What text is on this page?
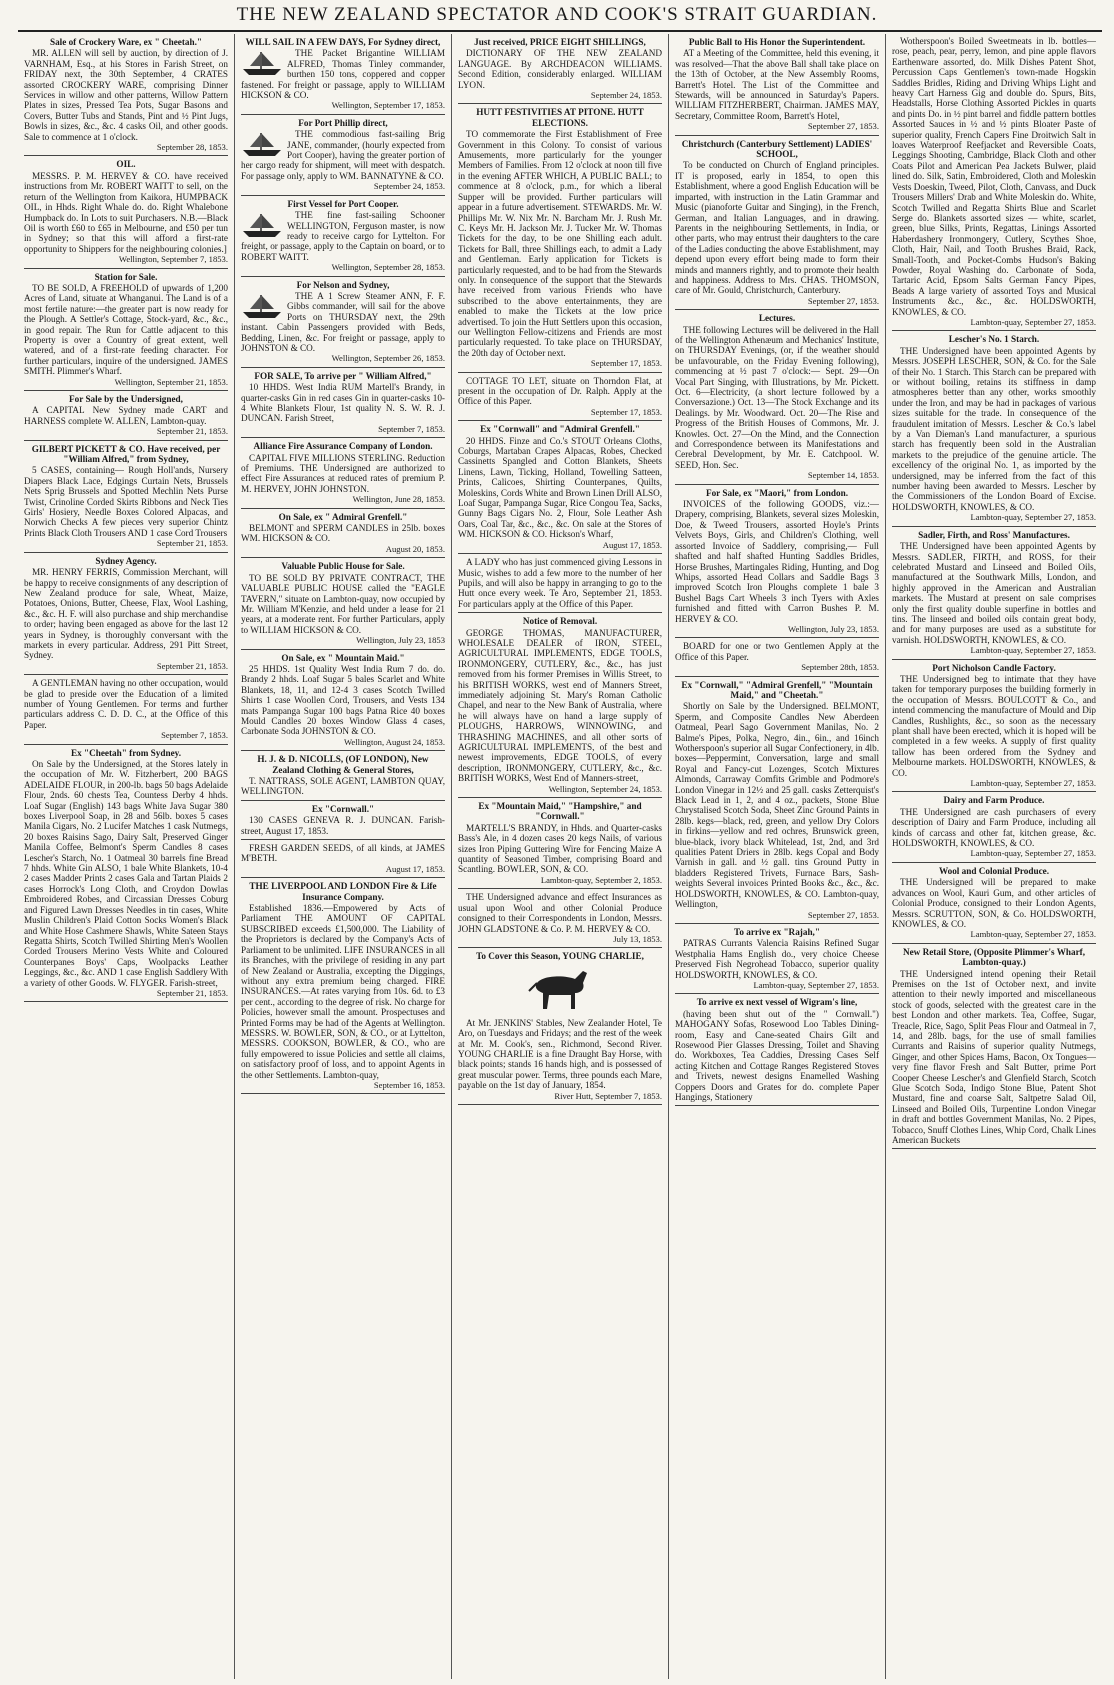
THE NEW ZEALAND SPECTATOR AND COOK'S STRAIT GUARDIAN.
Sale of Crockery Ware, ex " Cheetah."

MR. ALLEN will sell by auction, by direction of J. VARNHAM, Esq., at his Stores in Farish Street, on FRIDAY next, the 30th September, 4 CRATES assorted CROCKERY WARE, comprising Dinner Services in willow and other patterns, Willow Pattern Plates in sizes, Pressed Tea Pots, Sugar Basons and Covers, Butter Tubs and Stands, Pint and ½ Pint Jugs, Bowls in sizes, &c., &c. 4 casks Oil, and other goods. Sale to commence at 1 o'clock.

September 28, 1853.

OIL.

MESSRS. P. M. HERVEY & CO. have received instructions from Mr. ROBERT WAITT to sell, on the return of the Wellington from Kaikora, HUMPBACK OIL, in Hhds. Right Whale do. do. Right Whalebone Humpback do. In Lots to suit Purchasers. N.B.—Black Oil is worth £60 to £65 in Melbourne, and £50 per tun in Sydney; so that this will afford a first-rate opportunity to Shippers for the neighbouring colonies.]

Wellington, September 7, 1853.

Station for Sale.

TO BE SOLD, A FREEHOLD of upwards of 1,200 Acres of Land, situate at Whanganui. The Land is of a most fertile nature:—the greater part is now ready for the Plough. A Settler's Cottage, Stock-yard, &c., &c., in good repair. The Run for Cattle adjacent to this Property is over a Country of great extent, well watered, and of a first-rate feeding character. For further particulars, inquire of the undersigned. JAMES SMITH. Plimmer's Wharf.

Wellington, September 21, 1853.

For Sale by the Undersigned,

A CAPITAL New Sydney made CART and HARNESS complete W. ALLEN, Lambton-quay.

September 21, 1853.

GILBERT PICKETT & CO. Have received, per "William Alfred," from Sydney,

5 CASES, containing— Rough Holl'ands, Nursery Diapers Black Lace, Edgings Curtain Nets, Brussels Nets Sprig Brussels and Spotted Mechlin Nets Purse Twist, Crinoline Corded Skirts Ribbons and Neck Ties Girls' Hosiery, Needle Boxes Colored Alpacas, and Norwich Checks A few pieces very superior Chintz Prints Black Cloth Trousers AND 1 case Cord Trousers

September 21, 1853.

Sydney Agency.

MR. HENRY FERRIS, Commission Merchant, will be happy to receive consignments of any description of New Zealand produce for sale, Wheat, Maize, Potatoes, Onions, Butter, Cheese, Flax, Wool Lashing, &c., &c. H. F. will also purchase and ship merchandise to order; having been engaged as above for the last 12 years in Sydney, is thoroughly conversant with the markets in every particular. Address, 291 Pitt Street, Sydney.

September 21, 1853.

A GENTLEMAN having no other occupation, would be glad to preside over the Education of a limited number of Young Gentlemen. For terms and further particulars address C. D. D. C., at the Office of this Paper.

September 7, 1853.

Ex "Cheetah" from Sydney.

On Sale by the Undersigned, at the Stores lately in the occupation of Mr. W. Fitzherbert, 200 BAGS ADELAIDE FLOUR, in 200-lb. bags 50 bags Adelaide Flour, 2nds. 60 chests Tea, Countess Derby 4 hhds. Loaf Sugar (English) 143 bags White Java Sugar 380 boxes Liverpool Soap, in 28 and 56lb. boxes 5 cases Manila Cigars, No. 2 Lucifer Matches 1 cask Nutmegs, 20 boxes Raisins Sago, Dairy Salt, Preserved Ginger Manila Coffee, Belmont's Sperm Candles 8 cases Lescher's Starch, No. 1 Oatmeal 30 barrels fine Bread 7 hhds. White Gin ALSO, 1 bale White Blankets, 10-4 2 cases Madder Prints 2 cases Gala and Tartan Plaids 2 cases Horrock's Long Cloth, and Croydon Dowlas Embroidered Robes, and Circassian Dresses Coburg and Figured Lawn Dresses Needles in tin cases, White Muslin Children's Plaid Cotton Socks Women's Black and White Hose Cashmere Shawls, White Sateen Stays Regatta Shirts, Scotch Twilled Shirting Men's Woollen Corded Trousers Merino Vests White and Coloured Counterpanes Boys' Caps, Woolpacks Leather Leggings, &c., &c. AND 1 case English Saddlery With a variety of other Goods. W. FLYGER. Farish-street,

September 21, 1853.

WILL SAIL IN A FEW DAYS, For Sydney direct,

THE Packet Brigantine WILLIAM ALFRED, Thomas Tinley commander, burthen 150 tons, coppered and copper fastened. For freight or passage, apply to WILLIAM HICKSON & CO.

Wellington, September 17, 1853.

For Port Phillip direct,

THE commodious fast-sailing Brig JANE, commander, (hourly expected from Port Cooper), having the greater portion of her cargo ready for shipment, will meet with despatch. For passage only, apply to WM. BANNATYNE & CO.

September 24, 1853.

First Vessel for Port Cooper.

THE fine fast-sailing Schooner WELLINGTON, Ferguson master, is now ready to receive cargo for Lyttelton. For freight, or passage, apply to the Captain on board, or to ROBERT WAITT.

Wellington, September 28, 1853.

For Nelson and Sydney,

THE A 1 Screw Steamer ANN, F. F. Gibbs commander, will sail for the above Ports on THURSDAY next, the 29th instant. Cabin Passengers provided with Beds, Bedding, Linen, &c. For freight or passage, apply to JOHNSTON & CO.

Wellington, September 26, 1853.

FOR SALE, To arrive per " William Alfred,"

10 HHDS. West India RUM Martell's Brandy, in quarter-casks Gin in red cases Gin in quarter-casks 10-4 White Blankets Flour, 1st quality N. S. W. R. J. DUNCAN. Farish Street,

September 7, 1853.

Alliance Fire Assurance Company of London.

CAPITAL FIVE MILLIONS STERLING. Reduction of Premiums. THE Undersigned are authorized to effect Fire Assurances at reduced rates of premium P. M. HERVEY, JOHN JOHNSTON.

Wellington, June 28, 1853.

On Sale, ex " Admiral Grenfell."

BELMONT and SPERM CANDLES in 25lb. boxes WM. HICKSON & CO.

August 20, 1853.

Valuable Public House for Sale.

TO BE SOLD BY PRIVATE CONTRACT, THE VALUABLE PUBLIC HOUSE called the "EAGLE TAVERN," situate on Lambton-quay, now occupied by Mr. William M'Kenzie, and held under a lease for 21 years, at a moderate rent. For further Particulars, apply to WILLIAM HICKSON & CO.

Wellington, July 23, 1853

On Sale, ex " Mountain Maid."

25 HHDS. 1st Quality West India Rum 7 do. do. Brandy 2 hhds. Loaf Sugar 5 bales Scarlet and White Blankets, 18, 11, and 12-4 3 cases Scotch Twilled Shirts 1 case Woollen Cord, Trousers, and Vests 134 mats Pampanga Sugar 100 bags Patna Rice 40 boxes Mould Candles 20 boxes Window Glass 4 cases, Carbonate Soda JOHNSTON & CO.

Wellington, August 24, 1853.

H. J. & D. NICOLLS, (OF LONDON), New Zealand Clothing & General Stores,

T. NATTRASS, SOLE AGENT, LAMBTON QUAY, WELLINGTON.

Ex "Cornwall."

130 CASES GENEVA R. J. DUNCAN. Farish-street, August 17, 1853.

FRESH GARDEN SEEDS, of all kinds, at JAMES M'BETH.

August 17, 1853.

THE LIVERPOOL AND LONDON Fire & Life Insurance Company.

Established 1836.—Empowered by Acts of Parliament THE AMOUNT OF CAPITAL SUBSCRIBED exceeds £1,500,000. The Liability of the Proprietors is declared by the Company's Acts of Parliament to be unlimited. LIFE INSURANCES in all its Branches, with the privilege of residing in any part of New Zealand or Australia, excepting the Diggings, without any extra premium being charged. FIRE INSURANCES.—At rates varying from 10s. 6d. to £3 per cent., according to the degree of risk. No charge for Policies, however small the amount. Prospectuses and Printed Forms may be had of the Agents at Wellington. MESSRS. W. BOWLER, SON, & CO., or at Lyttelton, MESSRS. COOKSON, BOWLER, & CO., who are fully empowered to issue Policies and settle all claims, on satisfactory proof of loss, and to appoint Agents in the other Settlements. Lambton-quay,

September 16, 1853.

Just received, PRICE EIGHT SHILLINGS,

DICTIONARY OF THE NEW ZEALAND LANGUAGE. By ARCHDEACON WILLIAMS. Second Edition, considerably enlarged. WILLIAM LYON.

September 24, 1853.

HUTT FESTIVITIES AT PITONE. HUTT ELECTIONS.

TO commemorate the First Establishment of Free Government in this Colony. To consist of various Amusements, more particularly for the younger Members of Families. From 12 o'clock at noon till five in the evening AFTER WHICH, A PUBLIC BALL; to commence at 8 o'clock, p.m., for which a liberal Supper will be provided. Further particulars will appear in a future advertisement. STEWARDS. Mr. W. Phillips Mr. W. Nix Mr. N. Barcham Mr. J. Rush Mr. C. Keys Mr. H. Jackson Mr. J. Tucker Mr. W. Thomas Tickets for the day, to be one Shilling each adult. Tickets for Ball, three Shillings each, to admit a Lady and Gentleman. Early application for Tickets is particularly requested, and to be had from the Stewards only. In consequence of the support that the Stewards have received from various Friends who have subscribed to the above entertainments, they are enabled to make the Tickets at the low price advertised. To join the Hutt Settlers upon this occasion, our Wellington Fellow-citizens and Friends are most particularly requested. To take place on THURSDAY, the 20th day of October next.

September 17, 1853.

COTTAGE TO LET, situate on Thorndon Flat, at present in the occupation of Dr. Ralph. Apply at the Office of this Paper.

September 17, 1853.

Ex "Cornwall" and "Admiral Grenfell."

20 HHDS. Finze and Co.'s STOUT Orleans Cloths, Coburgs, Martaban Crapes Alpacas, Robes, Checked Cassinetts Spangled and Cotton Blankets, Sheets Linens, Lawn, Ticking, Holland, Towelling Satteen, Prints, Calicoes, Shirting Counterpanes, Quilts, Moleskins, Cords White and Brown Linen Drill ALSO, Loaf Sugar, Pampanga Sugar, Rice Congou Tea, Sacks, Gunny Bags Cigars No. 2, Flour, Sole Leather Ash Oars, Coal Tar, &c., &c., &c. On sale at the Stores of WM. HICKSON & CO. Hickson's Wharf,

August 17, 1853.

A LADY who has just commenced giving Lessons in Music, wishes to add a few more to the number of her Pupils, and will also be happy in arranging to go to the Hutt once every week. Te Aro, September 21, 1853. For particulars apply at the Office of this Paper.

Notice of Removal.

GEORGE THOMAS, MANUFACTURER, WHOLESALE DEALER of IRON, STEEL, AGRICULTURAL IMPLEMENTS, EDGE TOOLS, IRONMONGERY, CUTLERY, &c., &c., has just removed from his former Premises in Willis Street, to his BRITISH WORKS, west end of Manners Street, immediately adjoining St. Mary's Roman Catholic Chapel, and near to the New Bank of Australia, where he will always have on hand a large supply of PLOUGHS, HARROWS, WINNOWING, and THRASHING MACHINES, and all other sorts of AGRICULTURAL IMPLEMENTS, of the best and newest improvements, EDGE TOOLS, of every description, IRONMONGERY, CUTLERY, &c., &c. BRITISH WORKS, West End of Manners-street,

Wellington, September 24, 1853.

Ex "Mountain Maid," "Hampshire," and "Cornwall."

MARTELL'S BRANDY, in Hhds. and Quarter-casks Bass's Ale, in 4 dozen cases 20 kegs Nails, of various sizes Iron Piping Guttering Wire for Fencing Maize A quantity of Seasoned Timber, comprising Board and Scantling. BOWLER, SON, & CO.

Lambton-quay, September 2, 1853.

THE Undersigned advance and effect Insurances as usual upon Wool and other Colonial Produce consigned to their Correspondents in London, Messrs. JOHN GLADSTONE & Co. P. M. HERVEY & CO.

July 13, 1853.

To Cover this Season, YOUNG CHARLIE,

At Mr. JENKINS' Stables, New Zealander Hotel, Te Aro, on Tuesdays and Fridays; and the rest of the week at Mr. M. Cook's, sen., Richmond, Second River. YOUNG CHARLIE is a fine Draught Bay Horse, with black points; stands 16 hands high, and is possessed of great muscular power. Terms, three pounds each Mare, payable on the 1st day of January, 1854.

River Hutt, September 7, 1853.

Public Ball to His Honor the Superintendent.

AT a Meeting of the Committee, held this evening, it was resolved—That the above Ball shall take place on the 13th of October, at the New Assembly Rooms, Barrett's Hotel. The List of the Committee and Stewards, will be announced in Saturday's Papers. WILLIAM FITZHERBERT, Chairman. JAMES MAY, Secretary, Committee Room, Barrett's Hotel,

September 27, 1853.

Christchurch (Canterbury Settlement) LADIES' SCHOOL,

To be conducted on Church of England principles. IT is proposed, early in 1854, to open this Establishment, where a good English Education will be imparted, with instruction in the Latin Grammar and Music (pianoforte Guitar and Singing), in the French, German, and Italian Languages, and in drawing. Parents in the neighbouring Settlements, in India, or other parts, who may entrust their daughters to the care of the Ladies conducting the above Establishment, may depend upon every effort being made to form their minds and manners rightly, and to promote their health and happiness. Address to Mrs. CHAS. THOMSON, care of Mr. Gould, Christchurch, Canterbury.

September 27, 1853.

Lectures.

THE following Lectures will be delivered in the Hall of the Wellington Athenæum and Mechanics' Institute, on THURSDAY Evenings, (or, if the weather should be unfavourable, on the Friday Evening following), commencing at ½ past 7 o'clock:— Sept. 29—On Vocal Part Singing, with Illustrations, by Mr. Pickett. Oct. 6—Electricity, (a short lecture followed by a Conversazione.) Oct. 13—The Stock Exchange and its Dealings. by Mr. Woodward. Oct. 20—The Rise and Progress of the British Houses of Commons, Mr. J. Knowles. Oct. 27—On the Mind, and the Connection and Correspondence between its Manifestations and Cerebral Development, by Mr. E. Catchpool. W. SEED, Hon. Sec.

September 14, 1853.

For Sale, ex "Maori," from London.

INVOICES of the following GOODS, viz.:— Drapery, comprising, Blankets, several sizes Moleskin, Doe, & Tweed Trousers, assorted Hoyle's Prints Velvets Boys, Girls, and Children's Clothing, well assorted Invoice of Saddlery, comprising,— Full shafted and half shafted Hunting Saddles Bridles, Horse Brushes, Martingales Riding, Hunting, and Dog Whips, assorted Head Collars and Saddle Bags 3 improved Scotch Iron Ploughs complete 1 bale 3 Bushel Bags Cart Wheels 3 inch Tyers with Axles furnished and fitted with Carron Bushes P. M. HERVEY & CO.

Wellington, July 23, 1853.

BOARD for one or two Gentlemen Apply at the Office of this Paper.

September 28th, 1853.

Ex "Cornwall," "Admiral Grenfell," "Mountain Maid," and "Cheetah."

Shortly on Sale by the Undersigned. BELMONT, Sperm, and Composite Candles New Aberdeen Oatmeal, Pearl Sago Government Manilas, No. 2 Balme's Pipes, Polka, Negro, 4in., 6in., and 16inch Wotherspoon's superior all Sugar Confectionery, in 4lb. boxes—Peppermint, Conversation, large and small Royal and Fancy-cut Lozenges, Scotch Mixtures Almonds, Carraway Comfits Grimble and Podmore's London Vinegar in 12½ and 25 gall. casks Zetterquist's Black Lead in 1, 2, and 4 oz., packets, Stone Blue Chrystalised Scotch Soda, Sheet Zinc Ground Paints in 28lb. kegs—black, red, green, and yellow Dry Colors in firkins—yellow and red ochres, Brunswick green, blue-black, ivory black Whitelead, 1st, 2nd, and 3rd qualities Patent Driers in 28lb. kegs Copal and Body Varnish in gall. and ½ gall. tins Ground Putty in bladders Registered Trivets, Furnace Bars, Sash-weights Several invoices Printed Books &c., &c., &c. HOLDSWORTH, KNOWLES, & CO. Lambton-quay, Wellington,

September 27, 1853.

To arrive ex "Rajah,"

PATRAS Currants Valencia Raisins Refined Sugar Westphalia Hams English do., very choice Cheese Preserved Fish Negrohead Tobacco, superior quality HOLDSWORTH, KNOWLES, & CO.

Lambton-quay, September 27, 1853.

To arrive ex next vessel of Wigram's line,

(having been shut out of the " Cornwall.") MAHOGANY Sofas, Rosewood Loo Tables Dining-room, Easy and Cane-seated Chairs Gilt and Rosewood Pier Glasses Dressing, Toilet and Shaving do. Workboxes, Tea Caddies, Dressing Cases Self acting Kitchen and Cottage Ranges Registered Stoves and Trivets, newest designs Enamelled Washing Coppers Doors and Grates for do. complete Paper Hangings, Stationery

Wotherspoon's Boiled Sweetmeats in lb. bottles—rose, peach, pear, perry, lemon, and pine apple flavors Earthenware assorted, do. Milk Dishes Patent Shot, Percussion Caps Gentlemen's town-made Hogskin Saddles Bridles, Riding and Driving Whips Light and heavy Cart Harness Gig and double do. Spurs, Bits, Headstalls, Horse Clothing Assorted Pickles in quarts and pints Do. in ½ pint barrel and fiddle pattern bottles Assorted Sauces in ½ and ½ pints Bloater Paste of superior quality, French Capers Fine Droitwich Salt in loaves Waterproof Reefjacket and Reversible Coats, Leggings Shooting, Cambridge, Black Cloth and other Coats Pilot and American Pea Jackets Bulwer, plaid lined do. Silk, Satin, Embroidered, Cloth and Moleskin Vests Doeskin, Tweed, Pilot, Cloth, Canvass, and Duck Trousers Millers' Drab and White Moleskin do. White, Scotch Twilled and Regatta Shirts Blue and Scarlet Serge do. Blankets assorted sizes — white, scarlet, green, blue Silks, Prints, Regattas, Linings Assorted Haberdashery Ironmongery, Cutlery, Scythes Shoe, Cloth, Hair, Nail, and Tooth Brushes Braid, Rack, Small-Tooth, and Pocket-Combs Hudson's Baking Powder, Royal Washing do. Carbonate of Soda, Tartaric Acid, Epsom Salts German Fancy Pipes, Beads A large variety of assorted Toys and Musical Instruments &c., &c., &c. HOLDSWORTH, KNOWLES, & CO.

Lambton-quay, September 27, 1853.

Lescher's No. 1 Starch.

THE Undersigned have been appointed Agents by Messrs. JOSEPH LESCHER, SON, & Co. for the Sale of their No. 1 Starch. This Starch can be prepared with or without boiling, retains its stiffness in damp atmospheres better than any other, works smoothly under the Iron, and may be had in packages of various sizes suitable for the trade. In consequence of the fraudulent imitation of Messrs. Lescher & Co.'s label by a Van Dieman's Land manufacturer, a spurious starch has frequently been sold in the Australian markets to the prejudice of the genuine article. The excellency of the original No. 1, as imported by the undersigned, may be inferred from the fact of this number having been awarded to Messrs. Lescher by the Commissioners of the London Board of Excise. HOLDSWORTH, KNOWLES, & CO.

Lambton-quay, September 27, 1853.

Sadler, Firth, and Ross' Manufactures.

THE Undersigned have been appointed Agents by Messrs. SADLER, FIRTH, and ROSS, for their celebrated Mustard and Linseed and Boiled Oils, manufactured at the Southwark Mills, London, and highly approved in the American and Australian markets. The Mustard at present on sale comprises only the first quality double superfine in bottles and tins. The linseed and boiled oils contain great body, and for many purposes are used as a substitute for varnish. HOLDSWORTH, KNOWLES, & CO.

Lambton-quay, September 27, 1853.

Port Nicholson Candle Factory.

THE Undersigned beg to intimate that they have taken for temporary purposes the building formerly in the occupation of Messrs. BOULCOTT & Co., and intend commencing the manufacture of Mould and Dip Candles, Rushlights, &c., so soon as the necessary plant shall have been erected, which it is hoped will be completed in a few weeks. A supply of first quality tallow has been ordered from the Sydney and Melbourne markets. HOLDSWORTH, KNOWLES, & CO.

Lambton-quay, September 27, 1853.

Dairy and Farm Produce.

THE Undersigned are cash purchasers of every description of Dairy and Farm Produce, including all kinds of carcass and other fat, kitchen grease, &c. HOLDSWORTH, KNOWLES, & CO.

Lambton-quay, September 27, 1853.

Wool and Colonial Produce.

THE Undersigned will be prepared to make advances on Wool, Kauri Gum, and other articles of Colonial Produce, consigned to their London Agents, Messrs. SCRUTTON, SON, & Co. HOLDSWORTH, KNOWLES, & CO.

Lambton-quay, September 27, 1853.

New Retail Store, (Opposite Plimmer's Wharf, Lambton-quay.)

THE Undersigned intend opening their Retail Premises on the 1st of October next, and invite attention to their newly imported and miscellaneous stock of goods, selected with the greatest care in the best London and other markets. Tea, Coffee, Sugar, Treacle, Rice, Sago, Split Peas Flour and Oatmeal in 7, 14, and 28lb. bags, for the use of small families Currants and Raisins of superior quality Nutmegs, Ginger, and other Spices Hams, Bacon, Ox Tongues—very fine flavor Fresh and Salt Butter, prime Port Cooper Cheese Lescher's and Glenfield Starch, Scotch Glue Scotch Soda, Indigo Stone Blue, Patent Shot Mustard, fine and coarse Salt, Saltpetre Salad Oil, Linseed and Boiled Oils, Turpentine London Vinegar in draft and bottles Government Manilas, No. 2 Pipes, Tobacco, Snuff Clothes Lines, Whip Cord, Chalk Lines American Buckets
